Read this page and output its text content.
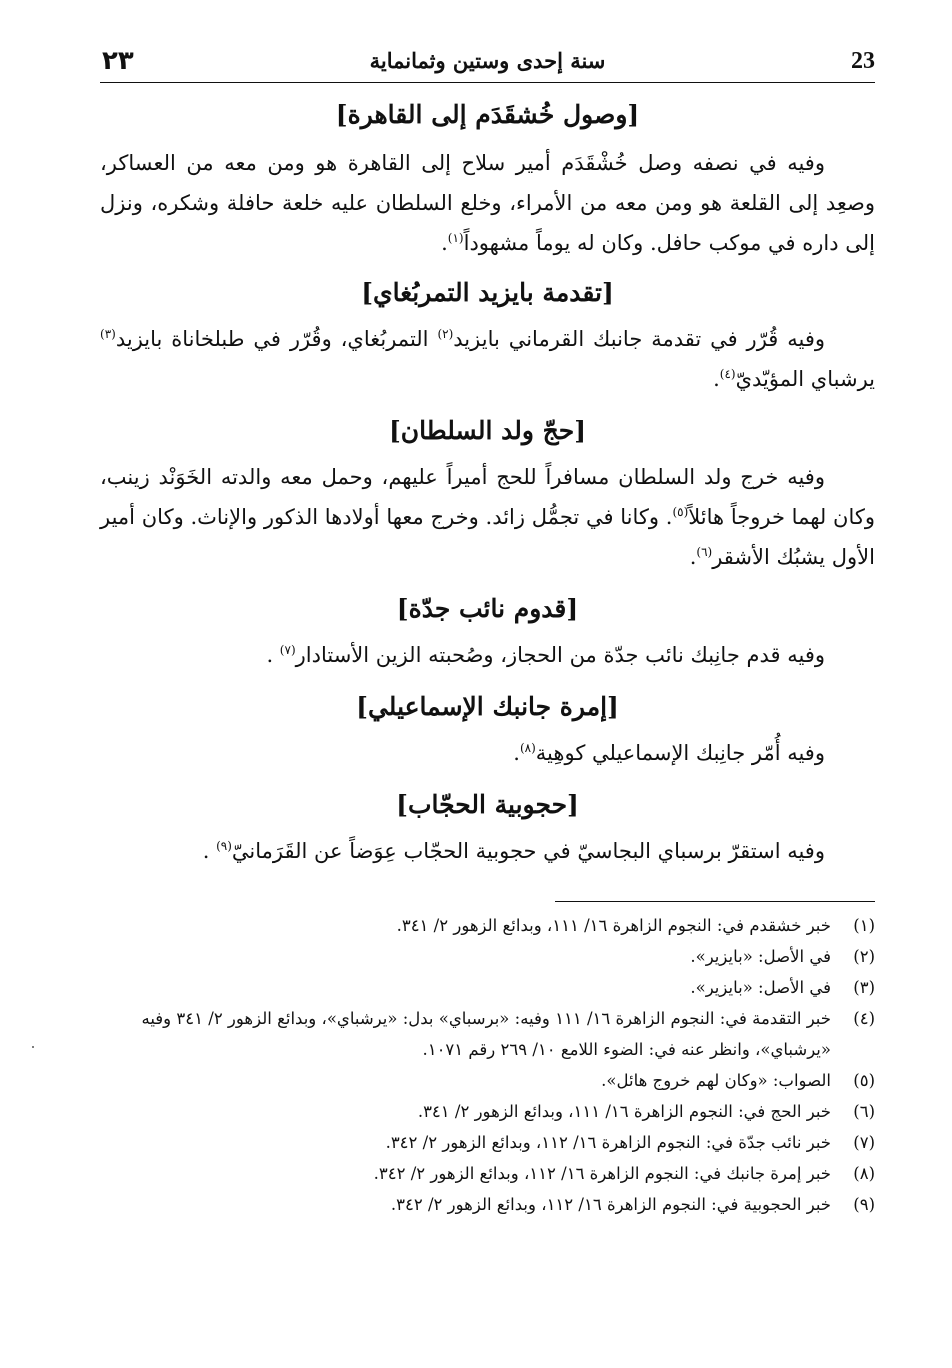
٢٣	سنة إحدى وستين وثمانماية	23
[وصول خُشقَدَم إلى القاهرة]

وفيه في نصفه وصل خُشْقَدَم أمير سلاح إلى القاهرة هو ومن معه من العساكر، وصعِد إلى القلعة هو ومن معه من الأمراء، وخلع السلطان عليه خلعة حافلة وشكره، ونزل إلى داره في موكب حافل. وكان له يوماً مشهوداً$^{(١)}$.

[تقدمة بايزيد التمربُغاي]

وفيه قُرّر في تقدمة جانبك القرماني بايزيد$^{(٢)}$ التمربُغاي، وقُرّر في طبلخاناة بايزيد$^{(٣)}$ يرشباي المؤيّديّ$^{(٤)}$.

[حجّ ولد السلطان]

وفيه خرج ولد السلطان مسافراً للحج أميراً عليهم، وحمل معه والدته الخَوَنْد زينب، وكان لهما خروجاً هائلاً$^{(٥)}$. وكانا في تجمُّل زائد. وخرج معها أولادها الذكور والإناث. وكان أمير الأول يشبُك الأشقر$^{(٦)}$.

[قدوم نائب جدّة]

وفيه قدم جانِبك نائب جدّة من الحجاز، وصُحبته الزين الأستادار$^{(٧)}$ .

[إمرة جانبك الإسماعيلي]

وفيه أُمّر جانِبك الإسماعيلي كوهِية$^{(٨)}$.

[حجوبية الحجّاب]

وفيه استقرّ برسباي البجاسيّ في حجوبية الحجّاب عِوَضاً عن القَرَمانيّ$^{(٩)}$ .

(١)
خبر خشقدم في: النجوم الزاهرة ١٦/ ١١١، وبدائع الزهور ٢/ ٣٤١.
(٢)
في الأصل: «بايزير».
(٣)
في الأصل: «بايزير».
(٤)
خبر التقدمة في: النجوم الزاهرة ١٦/ ١١١ وفيه: «برسباي» بدل: «يرشباي»، وبدائع الزهور ٢/ ٣٤١ وفيه «يرشباي»، وانظر عنه في: الضوء اللامع ١٠/ ٢٦٩ رقم ١٠٧١.
(٥)
الصواب: «وكان لهم خروج هائل».
(٦)
خبر الحج في: النجوم الزاهرة ١٦/ ١١١، وبدائع الزهور ٢/ ٣٤١.
(٧)
خبر نائب جدّة في: النجوم الزاهرة ١٦/ ١١٢، وبدائع الزهور ٢/ ٣٤٢.
(٨)
خبر إمرة جانبك في: النجوم الزاهرة ١٦/ ١١٢، وبدائع الزهور ٢/ ٣٤٢.
(٩)
خبر الحجوبية في: النجوم الزاهرة ١٦/ ١١٢، وبدائع الزهور ٢/ ٣٤٢.
